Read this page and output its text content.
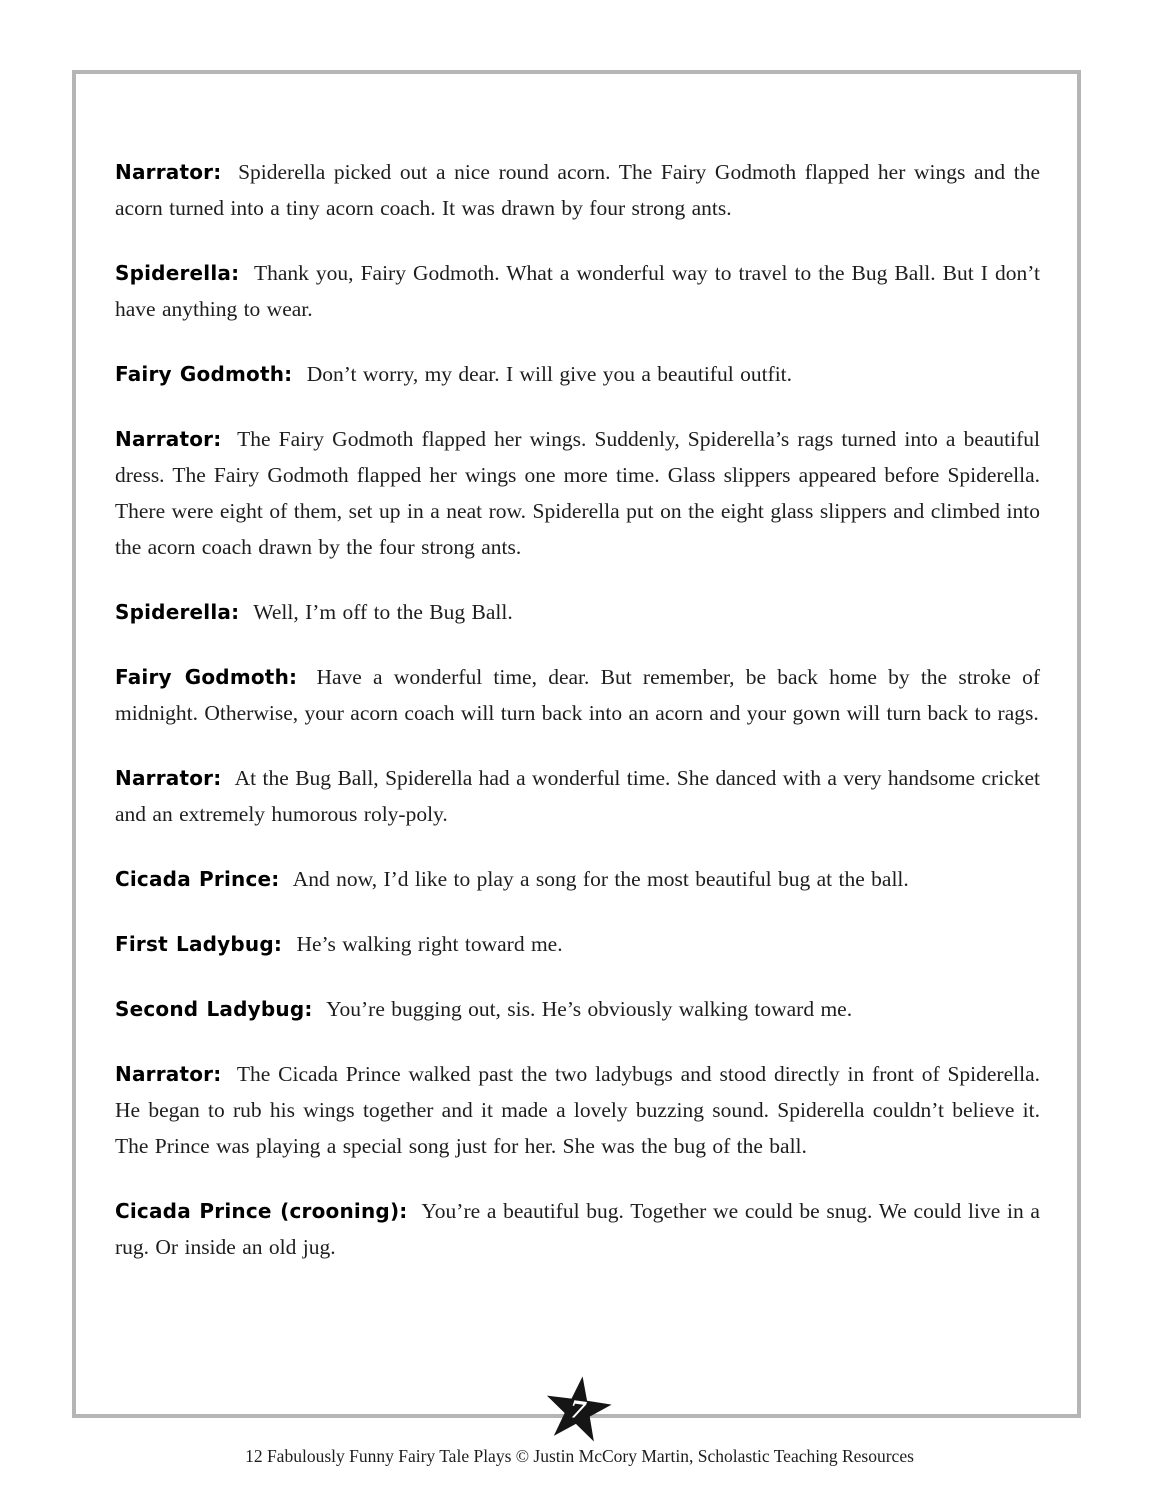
Narrator: Spiderella picked out a nice round acorn. The Fairy Godmoth flapped her wings and the acorn turned into a tiny acorn coach. It was drawn by four strong ants.

Spiderella: Thank you, Fairy Godmoth. What a wonderful way to travel to the Bug Ball. But I don’t have anything to wear.

Fairy Godmoth: Don’t worry, my dear. I will give you a beautiful outfit.

Narrator: The Fairy Godmoth flapped her wings. Suddenly, Spiderella’s rags turned into a beautiful dress. The Fairy Godmoth flapped her wings one more time. Glass slippers appeared before Spiderella. There were eight of them, set up in a neat row. Spiderella put on the eight glass slippers and climbed into the acorn coach drawn by the four strong ants.

Spiderella: Well, I’m off to the Bug Ball.

Fairy Godmoth: Have a wonderful time, dear. But remember, be back home by the stroke of midnight. Otherwise, your acorn coach will turn back into an acorn and your gown will turn back to rags.

Narrator: At the Bug Ball, Spiderella had a wonderful time. She danced with a very handsome cricket and an extremely humorous roly-poly.

Cicada Prince: And now, I’d like to play a song for the most beautiful bug at the ball.

First Ladybug: He’s walking right toward me.

Second Ladybug: You’re bugging out, sis. He’s obviously walking toward me.

Narrator: The Cicada Prince walked past the two ladybugs and stood directly in front of Spiderella. He began to rub his wings together and it made a lovely buzzing sound. Spiderella couldn’t believe it. The Prince was playing a special song just for her. She was the bug of the ball.

Cicada Prince (crooning): You’re a beautiful bug. Together we could be snug. We could live in a rug. Or inside an old jug.

7
12 Fabulously Funny Fairy Tale Plays © Justin McCory Martin, Scholastic Teaching Resources
